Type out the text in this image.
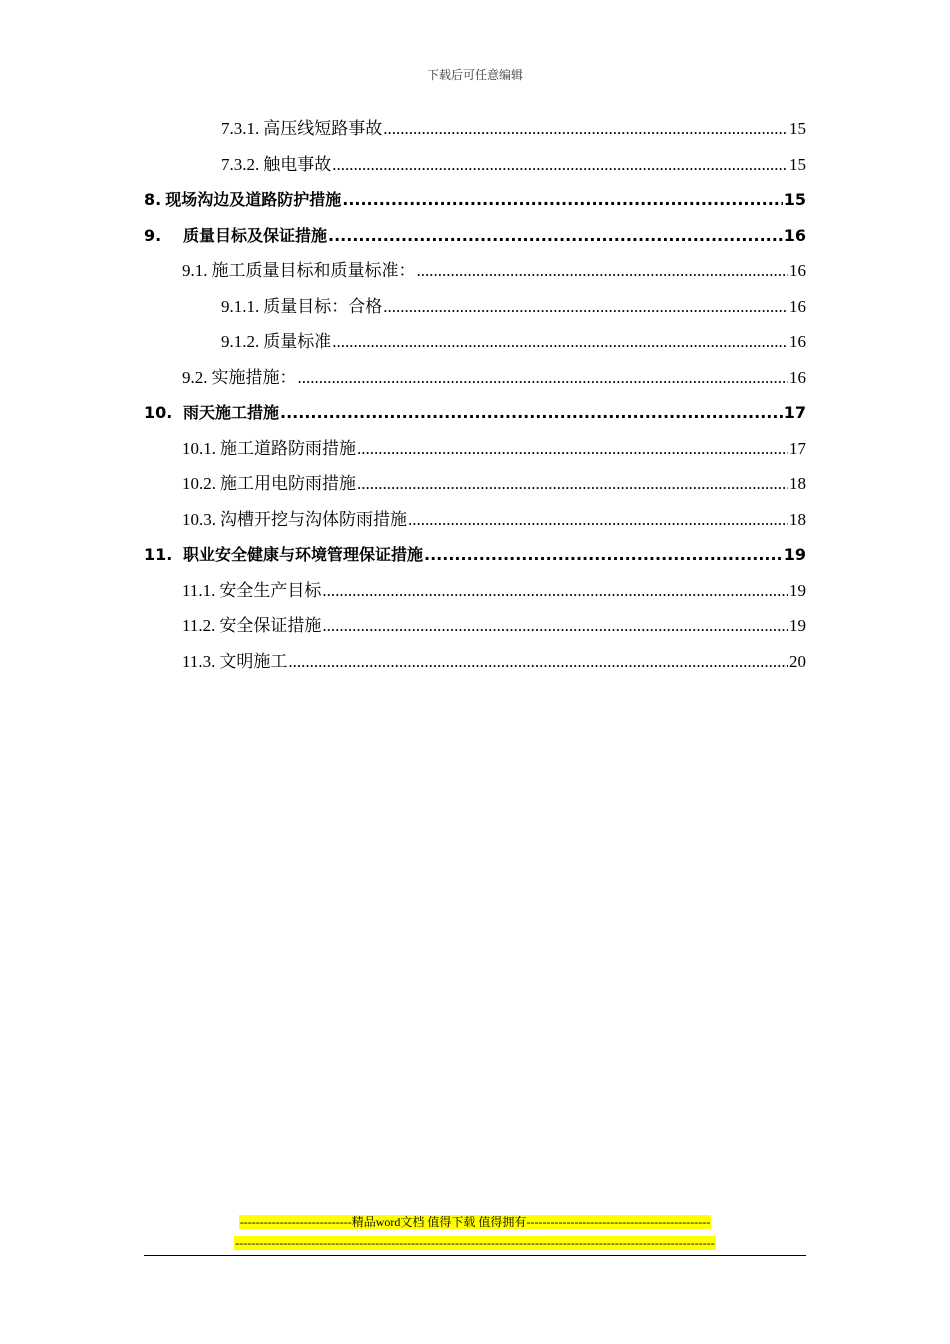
下载后可任意编辑
7.3.1. 高压线短路事故 .....	15
7.3.2. 触电事故 .....	15
8. 现场沟边及道路防护措施 .....	15
9.	质量目标及保证措施 .....	16
9.1. 施工质量目标和质量标准： .....	16
9.1.1. 质量目标：合格 .....	16
9.1.2. 质量标准 .....	16
9.2. 实施措施： .....	16
10. 雨天施工措施 .....	17
10.1. 施工道路防雨措施 .....	17
10.2. 施工用电防雨措施 .....	18
10.3. 沟槽开挖与沟体防雨措施 .....	18
11. 职业安全健康与环境管理保证措施 .....	19
11.1. 安全生产目标 .....	19
11.2. 安全保证措施 .....	19
11.3. 文明施工 .....	20
----------------------------精品word文档 值得下载 值得拥有----------------------------------------------
------------------------------------------------------------------------------------------------------------------------
